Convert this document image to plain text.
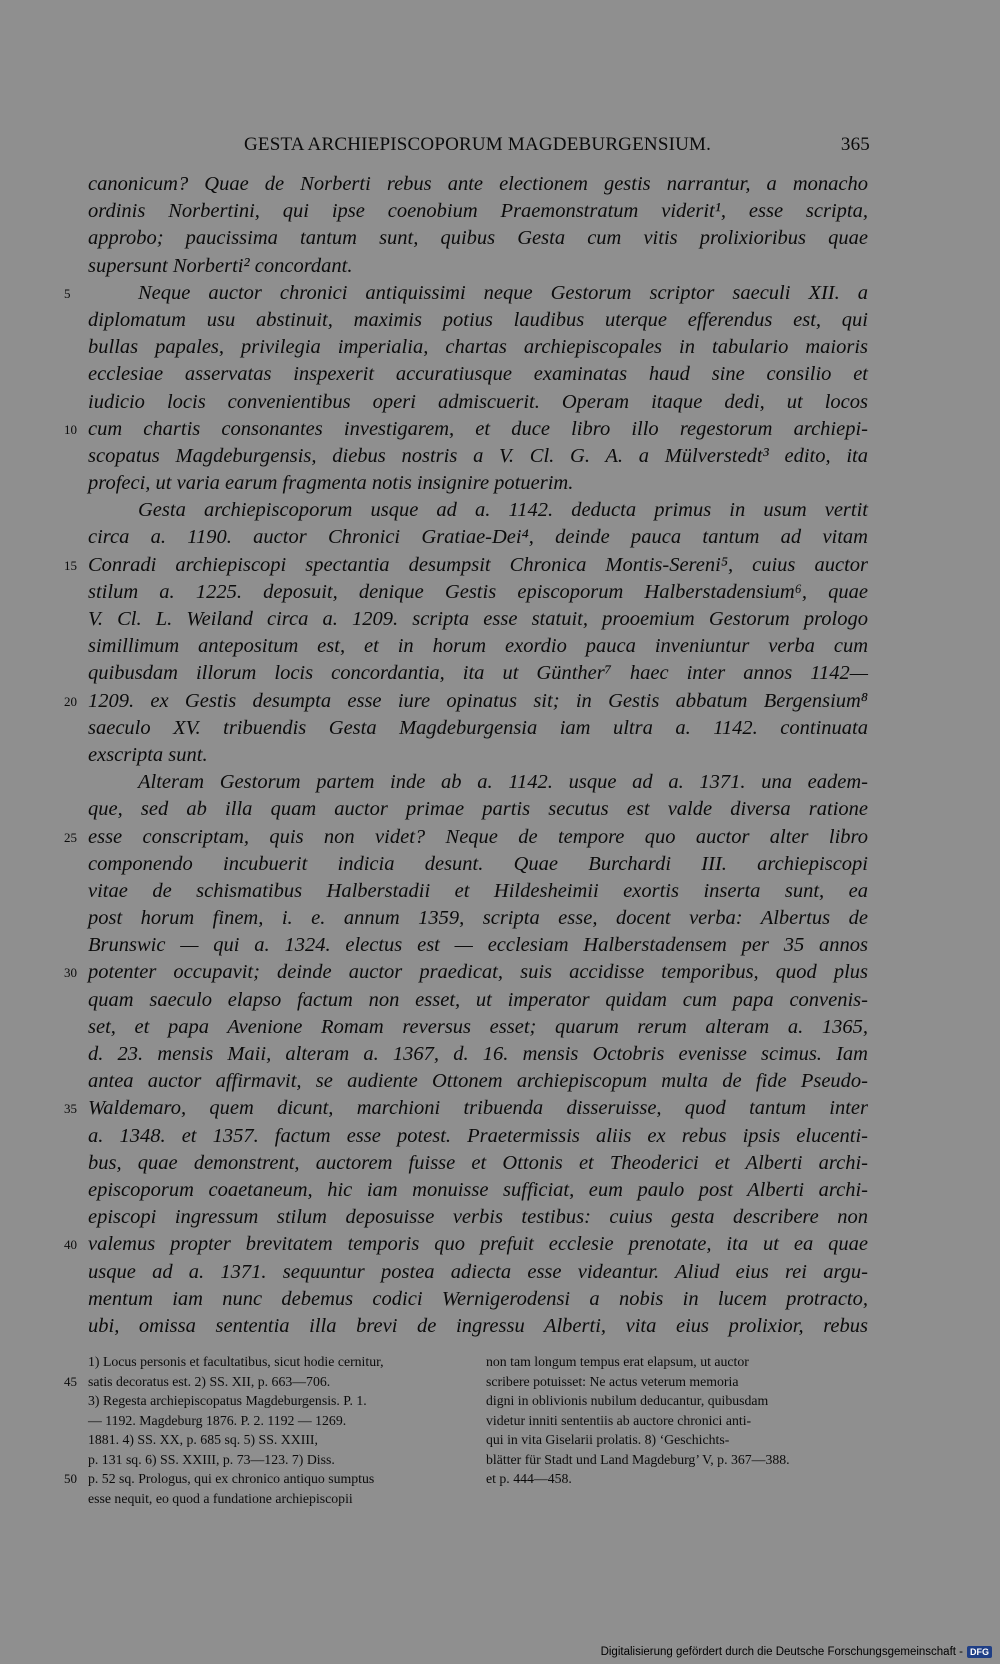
GESTA ARCHIEPISCOPORUM MAGDEBURGENSIUM.	365
canonicum? Quae de Norberti rebus ante electionem gestis narrantur, a monacho
ordinis Norbertini, qui ipse coenobium Praemonstratum viderit¹, esse scripta,
approbo; paucissima tantum sunt, quibus Gesta cum vitis prolixioribus quae
supersunt Norberti² concordant.
5	Neque auctor chronici antiquissimi neque Gestorum scriptor saeculi XII. a
diplomatum usu abstinuit, maximis potius laudibus uterque efferendus est, qui
bullas papales, privilegia imperialia, chartas archiepiscopales in tabulario maioris
ecclesiae asservatas inspexerit accuratiusque examinatas haud sine consilio et
iudicio locis convenientibus operi admiscuerit. Operam itaque dedi, ut locos
10 cum chartis consonantes investigarem, et duce libro illo regestorum archiepi-
scopatus Magdeburgensis, diebus nostris a V. Cl. G. A. a Mülverstedt³ edito, ita
profeci, ut varia earum fragmenta notis insignire potuerim.
Gesta archiepiscoporum usque ad a. 1142. deducta primus in usum vertit
circa a. 1190. auctor Chronici Gratiae-Dei⁴, deinde pauca tantum ad vitam
15 Conradi archiepiscopi spectantia desumpsit Chronica Montis-Sereni⁵, cuius auctor
stilum a. 1225. deposuit, denique Gestis episcoporum Halberstadensium⁶, quae
V. Cl. L. Weiland circa a. 1209. scripta esse statuit, prooemium Gestorum prologo
simillimum antepositum est, et in horum exordio pauca inveniuntur verba cum
quibusdam illorum locis concordantia, ita ut Günther⁷ haec inter annos 1142—
20 1209. ex Gestis desumpta esse iure opinatus sit; in Gestis abbatum Bergensium⁸
saeculo XV. tribuendis Gesta Magdeburgensia iam ultra a. 1142. continuata
exscripta sunt.
Alteram Gestorum partem inde ab a. 1142. usque ad a. 1371. una eadem-
que, sed ab illa quam auctor primae partis secutus est valde diversa ratione
25 esse conscriptam, quis non videt? Neque de tempore quo auctor alter libro
componendo incubuerit indicia desunt. Quae Burchardi III. archiepiscopi
vitae de schismatibus Halberstadii et Hildesheimii exortis inserta sunt, ea
post horum finem, i. e. annum 1359, scripta esse, docent verba: Albertus de
Brunswic — qui a. 1324. electus est — ecclesiam Halberstadensem per 35 annos
30 potenter occupavit; deinde auctor praedicat, suis accidisse temporibus, quod plus
quam saeculo elapso factum non esset, ut imperator quidam cum papa convenis-
set, et papa Avenione Romam reversus esset; quarum rerum alteram a. 1365,
d. 23. mensis Maii, alteram a. 1367, d. 16. mensis Octobris evenisse scimus. Iam
antea auctor affirmavit, se audiente Ottonem archiepiscopum multa de fide Pseudo-
35 Waldemaro, quem dicunt, marchioni tribuenda disseruisse, quod tantum inter
a. 1348. et 1357. factum esse potest. Praetermissis aliis ex rebus ipsis elucenti-
bus, quae demonstrent, auctorem fuisse et Ottonis et Theoderici et Alberti archi-
episcoporum coaetaneum, hic iam monuisse sufficiat, eum paulo post Alberti archi-
episcopi ingressum stilum deposuisse verbis testibus: cuius gesta describere non
40 valemus propter brevitatem temporis quo prefuit ecclesie prenotate, ita ut ea quae
usque ad a. 1371. sequuntur postea adiecta esse videantur. Aliud eius rei argu-
mentum iam nunc debemus codici Wernigerodensi a nobis in lucem protracto,
ubi, omissa sententia illa brevi de ingressu Alberti, vita eius prolixior, rebus
1) Locus personis et facultatibus, sicut hodie cernitur,
45 satis decoratus est. 2) SS. XII, p. 663—706.
3) Regesta archiepiscopatus Magdeburgensis. P. 1.
— 1192. Magdeburg 1876. P. 2. 1192 — 1269.
1881. 4) SS. XX, p. 685 sq. 5) SS. XXIII,
p. 131 sq. 6) SS. XXIII, p. 73—123. 7) Diss.
50 p. 52 sq. Prologus, qui ex chronico antiquo sumptus
esse nequit, eo quod a fundatione archiepiscopii
non tam longum tempus erat elapsum, ut auctor
scribere potuisset: Ne actus veterum memoria
digni in oblivionis nubilum deducantur, quibusdam
videtur inniti sententiis ab auctore chronici anti-
qui in vita Giselarii prolatis. 8) ‘Geschichts-
blätter für Stadt und Land Magdeburg’ V, p. 367—388.
et p. 444—458.
Digitalisierung gefördert durch die Deutsche Forschungsgemeinschaft - DFG
